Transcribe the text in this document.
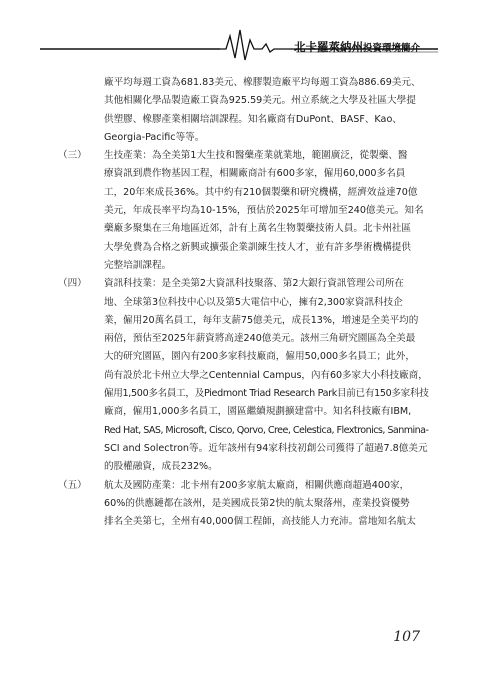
北卡羅萊納州投資環境簡介
廠平均每週工資為681.83美元、橡膠製造廠平均每週工資為886.69美元、
其他相關化學品製造廠工資為925.59美元。州立系統之大學及社區大學提
供塑膠、橡膠產業相關培訓課程。知名廠商有DuPont、BASF、Kao、
Georgia-Pacific等等。
（三）	生技產業：為全美第1大生技和醫藥產業就業地，範圍廣泛，從製藥、醫
療資訊到農作物基因工程，相關廠商計有600多家，僱用60,000多名員
工，20年來成長36%。其中約有210個製藥和研究機構，經濟效益達70億
美元，年成長率平均為10-15%，預估於2025年可增加至240億美元。知名
藥廠多聚集在三角地區近郊，計有上萬名生物製藥技術人員。北卡州社區
大學免費為合格之新興或擴張企業訓練生技人才，並有許多學術機構提供
完整培訓課程。
（四）	資訊科技業：是全美第2大資訊科技聚落、第2大銀行資訊管理公司所在
地、全球第3位科技中心以及第5大電信中心，擁有2,300家資訊科技企
業，僱用20萬名員工，每年支薪75億美元，成長13%，增速是全美平均的
兩倍，預估至2025年薪資將高達240億美元。該州三角研究園區為全美最
大的研究園區，園內有200多家科技廠商，僱用50,000多名員工；此外，
尚有設於北卡州立大學之Centennial Campus，內有60多家大小科技廠商，
僱用1,500多名員工，及Piedmont Triad Research Park目前已有150多家科技
廠商，僱用1,000多名員工，園區繼續規劃擴建當中。知名科技廠有IBM,
Red Hat, SAS, Microsoft, Cisco, Qorvo, Cree, Celestica, Flextronics, Sanmina-
SCI and Solectron等。近年該州有94家科技初創公司獲得了超過7.8億美元
的股權融資，成長232%。
（五）	航太及國防產業：北卡州有200多家航太廠商，相關供應商超過400家，
60%的供應鏈都在該州，是美國成長第2快的航太聚落州，產業投資優勢
排名全美第七，全州有40,000個工程師，高技能人力充沛。當地知名航太
107
